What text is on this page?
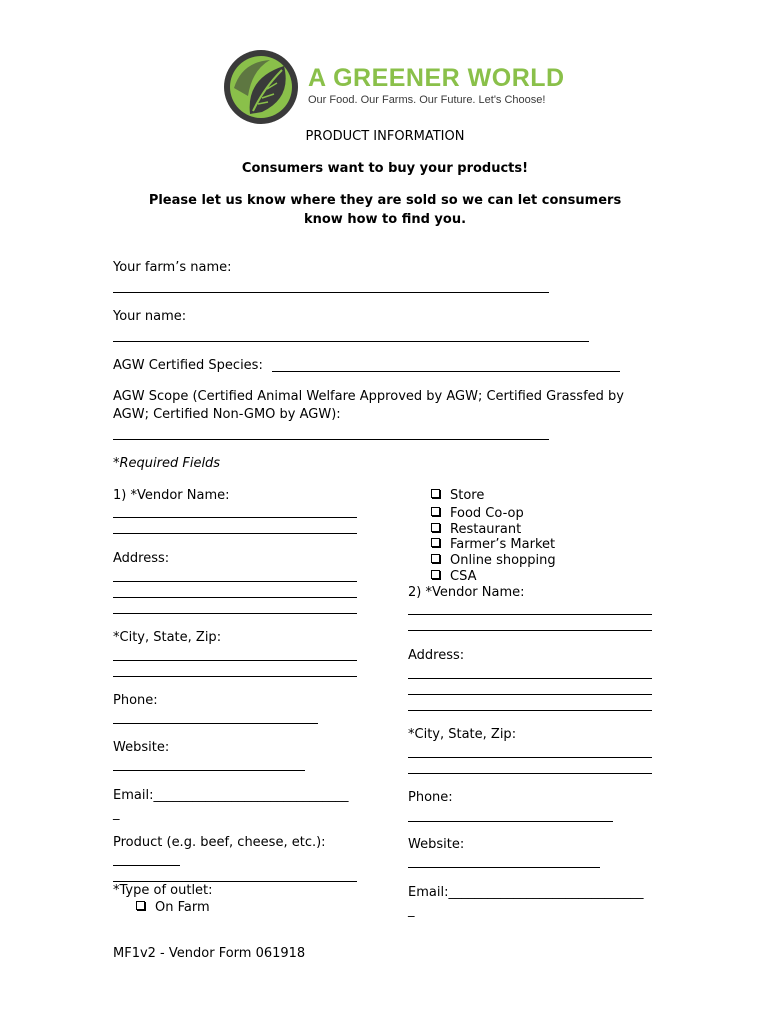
A GREENER WORLD
Our Food. Our Farms. Our Future. Let's Choose!
PRODUCT INFORMATION
Consumers want to buy your products!
Please let us know where they are sold so we can let consumers
know how to find you.
Your farm’s name:
Your name:
AGW Certified Species:
AGW Scope (Certified Animal Welfare Approved by AGW; Certified Grassfed by
AGW; Certified Non-GMO by AGW):
*Required Fields
1) *Vendor Name:
Address:
*City, State, Zip:
Phone:
Website:
Email:______________________________
_
Product (e.g. beef, cheese, etc.):
*Type of outlet:
On Farm
Store
Food Co-op
Restaurant
Farmer’s Market
Online shopping
CSA
2) *Vendor Name:
Address:
*City, State, Zip:
Phone:
Website:
Email:______________________________
_
MF1v2 - Vendor Form 061918
